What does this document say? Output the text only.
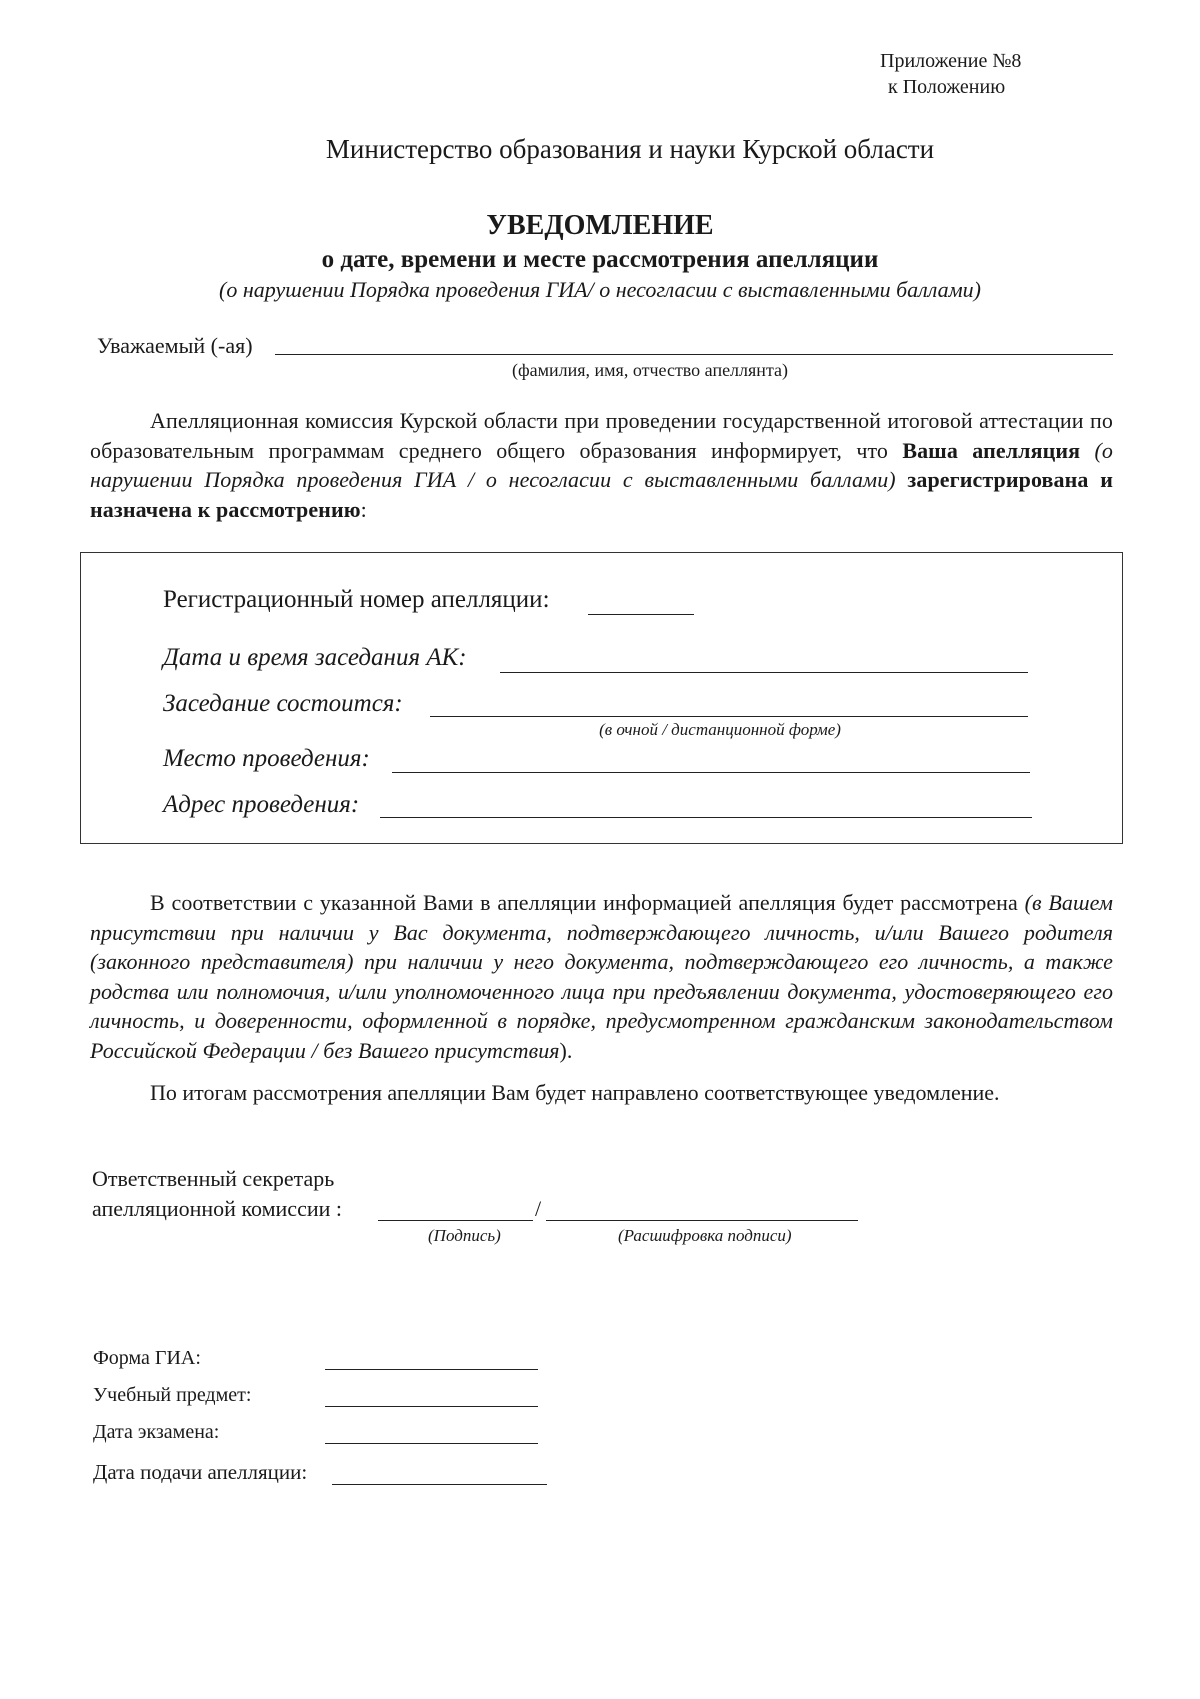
Приложение №8
к Положению
Министерство образования и науки Курской области
УВЕДОМЛЕНИЕ
о дате, времени и месте рассмотрения апелляции
(о нарушении Порядка проведения ГИА/ о несогласии с выставленными баллами)
Уважаемый (-ая)
(фамилия, имя, отчество апеллянта)
Апелляционная комиссия Курской области при проведении государственной итоговой аттестации по образовательным программам среднего общего образования информирует, что Ваша апелляция (о нарушении Порядка проведения ГИА / о несогласии с выставленными баллами) зарегистрирована и назначена к рассмотрению:
Регистрационный номер апелляции:
Дата и время заседания АК:
Заседание состоится:
(в очной / дистанционной форме)
Место проведения:
Адрес проведения:
В соответствии с указанной Вами в апелляции информацией апелляция будет рассмотрена (в Вашем присутствии при наличии у Вас документа, подтверждающего личность, и/или Вашего родителя (законного представителя) при наличии у него документа, подтверждающего его личность, а также родства или полномочия, и/или уполномоченного лица при предъявлении документа, удостоверяющего его личность, и доверенности, оформленной в порядке, предусмотренном гражданским законодательством Российской Федерации / без Вашего присутствия).
По итогам рассмотрения апелляции Вам будет направлено соответствующее уведомление.
Ответственный секретарь
апелляционной комиссии :	/
(Подпись)	(Расшифровка подписи)
Форма ГИА:
Учебный предмет:
Дата экзамена:
Дата подачи апелляции:
